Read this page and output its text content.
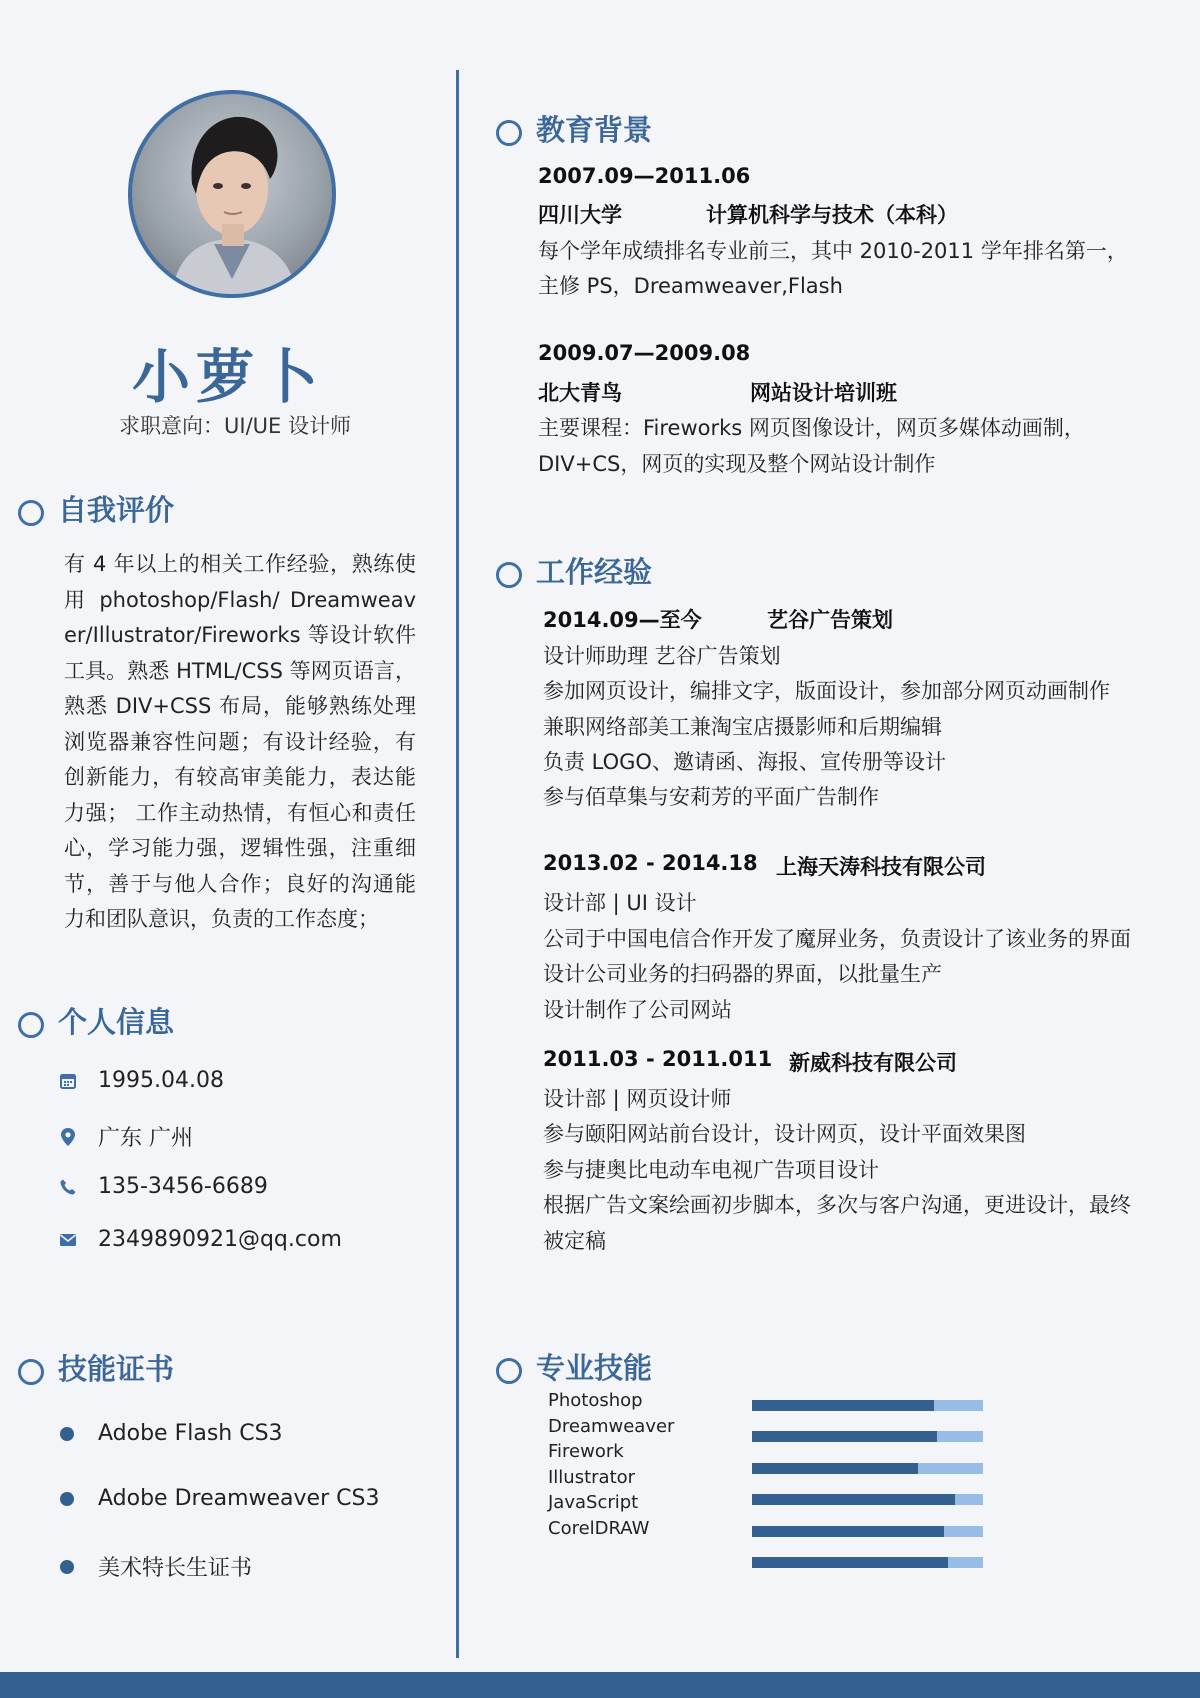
小萝卜
求职意向：UI/UE 设计师
自我评价
有 4 年以上的相关工作经验，熟练使用 photoshop/Flash/ Dreamweaver/Illustrator/Fireworks 等设计软件工具。熟悉 HTML/CSS 等网页语言，熟悉 DIV+CSS 布局，能够熟练处理浏览器兼容性问题；有设计经验，有创新能力，有较高审美能力，表达能力强； 工作主动热情，有恒心和责任心，学习能力强，逻辑性强，注重细节，善于与他人合作；良好的沟通能力和团队意识，负责的工作态度；
个人信息
1995.04.08
广东 广州
135-3456-6689
2349890921@qq.com
技能证书
Adobe Flash CS3
Adobe Dreamweaver CS3
美术特长生证书
教育背景
2007.09—2011.06
四川大学	计算机科学与技术（本科）
每个学年成绩排名专业前三，其中 2010-2011 学年排名第一，
主修 PS，Dreamweaver,Flash
2009.07—2009.08
北大青鸟	网站设计培训班
主要课程：Fireworks 网页图像设计，网页多媒体动画制，
DIV+CS，网页的实现及整个网站设计制作
工作经验
2014.09—至今	艺谷广告策划
设计师助理 艺谷广告策划
参加网页设计，编排文字，版面设计，参加部分网页动画制作
兼职网络部美工兼淘宝店摄影师和后期编辑
负责 LOGO、邀请函、海报、宣传册等设计
参与佰草集与安莉芳的平面广告制作
2013.02 - 2014.18 上海天涛科技有限公司
设计部 | UI 设计
公司于中国电信合作开发了魔屏业务，负责设计了该业务的界面
设计公司业务的扫码器的界面，以批量生产
设计制作了公司网站
2011.03 - 2011.011 新威科技有限公司
设计部 | 网页设计师
参与颐阳网站前台设计，设计网页，设计平面效果图
参与捷奥比电动车电视广告项目设计
根据广告文案绘画初步脚本，多次与客户沟通，更进设计，最终
被定稿
专业技能
Photoshop
Dreamweaver
Firework
Illustrator
JavaScript
CorelDRAW
